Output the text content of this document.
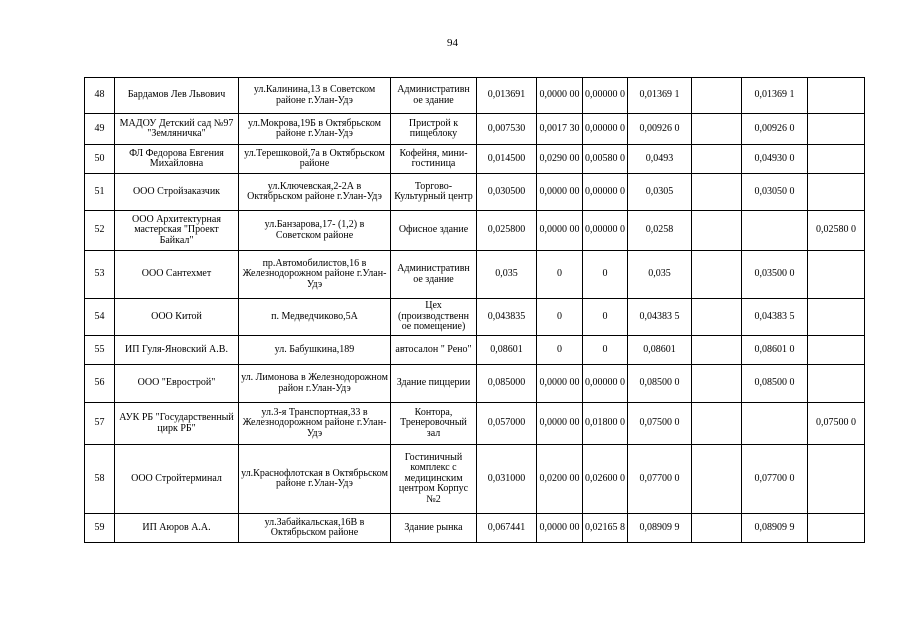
94
48	Бардамов Лев Львович	ул.Калинина,13 в Советском районе г.Улан-Удэ	Административн ое здание	0,013691	0,0000 00	0,00000 0	0,01369 1		0,01369 1	
49	МАДОУ Детский сад №97 "Земляничка"	ул.Мокрова,19Б в Октябрьском районе г.Улан-Удэ	Пристрой к пищеблоку	0,007530	0,0017 30	0,00000 0	0,00926 0		0,00926 0	
50	ФЛ Федорова Евгения Михайловна	ул.Терешковой,7а в Октябрьском районе	Кофейня, мини-гостиница	0,014500	0,0290 00	0,00580 0	0,0493		0,04930 0	
51	ООО Стройзаказчик	ул.Ключевская,2-2А в Октябрьском районе г.Улан-Удэ	Торгово-Культурный центр	0,030500	0,0000 00	0,00000 0	0,0305		0,03050 0	
52	ООО Архитектурная мастерская "Проект Байкал"	ул.Банзарова,17- (1,2) в Советском районе	Офисное здание	0,025800	0,0000 00	0,00000 0	0,0258			0,02580 0
53	ООО Сантехмет	пр.Автомобилистов,16 в Железнодорожном районе г.Улан-Удэ	Административн ое здание	0,035	0	0	0,035		0,03500 0	
54	ООО Китой	п. Медведчиково,5А	Цех (производственн ое помещение)	0,043835	0	0	0,04383 5		0,04383 5	
55	ИП Гуля-Яновский А.В.	ул. Бабушкина,189	автосалон " Рено"	0,08601	0	0	0,08601		0,08601 0	
56	ООО "Еврострой"	ул. Лимонова в Железнодорожном район г.Улан-Удэ	Здание пиццерии	0,085000	0,0000 00	0,00000 0	0,08500 0		0,08500 0	
57	АУК РБ "Государственный цирк РБ"	ул.3-я Транспортная,33 в Железнодорожном районе г.Улан-Удэ	Контора, Тренеровочный зал	0,057000	0,0000 00	0,01800 0	0,07500 0			0,07500 0
58	ООО Стройтерминал	ул.Краснофлотская в Октябрьском районе г.Улан-Удэ	Гостиничный комплекс с медицинским центром Корпус №2	0,031000	0,0200 00	0,02600 0	0,07700 0		0,07700 0	
59	ИП Аюров А.А.	ул.Забайкальская,16В в Октябрьском районе	Здание рынка	0,067441	0,0000 00	0,02165 8	0,08909 9		0,08909 9	
